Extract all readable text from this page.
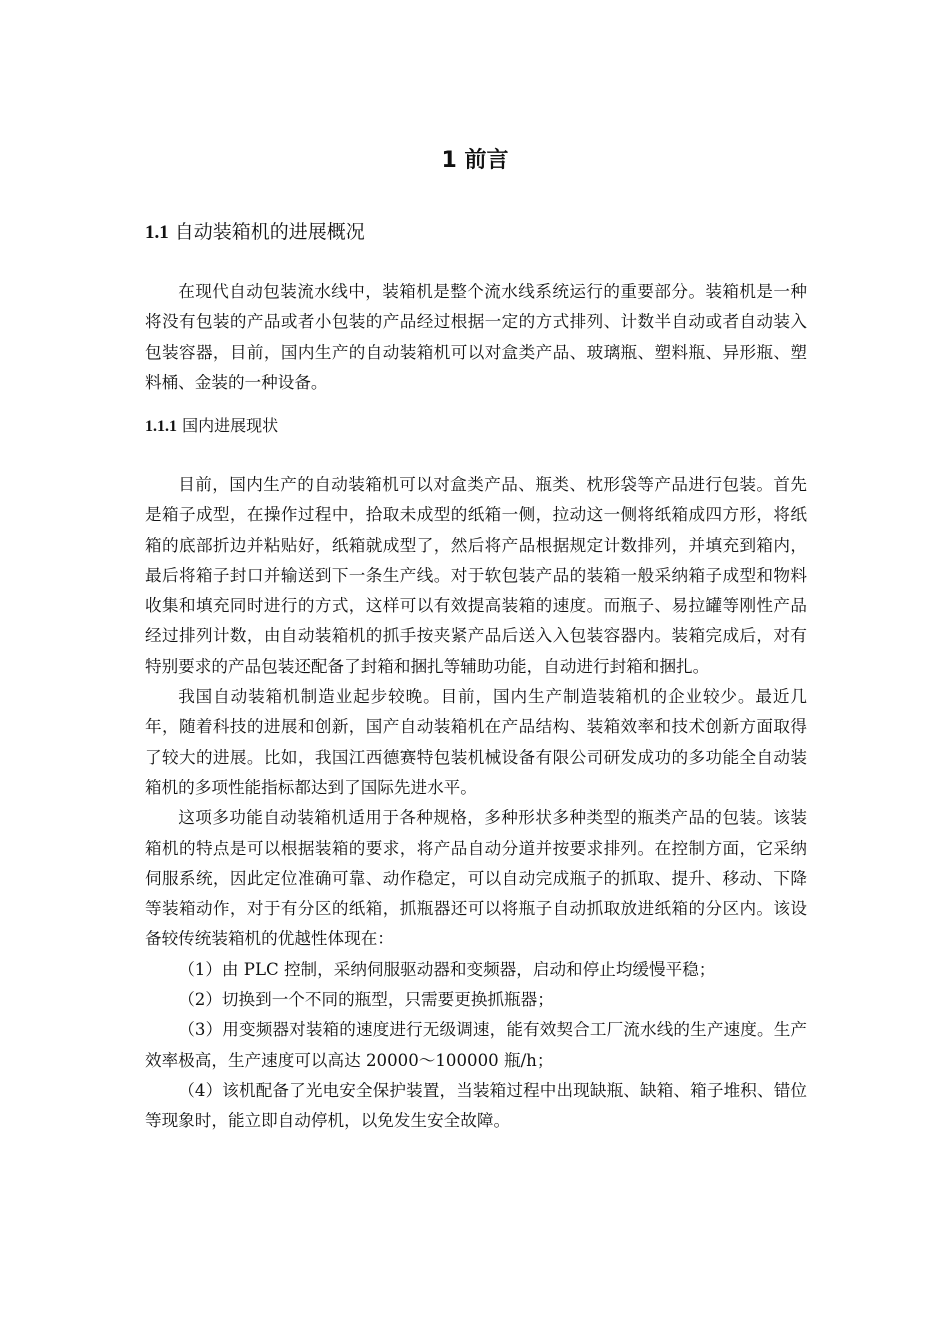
1 前言
1.1 自动装箱机的进展概况

在现代自动包装流水线中，装箱机是整个流水线系统运行的重要部分。装箱机是一种将没有包装的产品或者小包装的产品经过根据一定的方式排列、计数半自动或者自动装入包装容器，目前，国内生产的自动装箱机可以对盒类产品、玻璃瓶、塑料瓶、异形瓶、塑料桶、金装的一种设备。

1.1.1 国内进展现状

目前，国内生产的自动装箱机可以对盒类产品、瓶类、枕形袋等产品进行包装。首先是箱子成型，在操作过程中，拾取未成型的纸箱一侧，拉动这一侧将纸箱成四方形，将纸箱的底部折边并粘贴好，纸箱就成型了，然后将产品根据规定计数排列，并填充到箱内，最后将箱子封口并输送到下一条生产线。对于软包装产品的装箱一般采纳箱子成型和物料收集和填充同时进行的方式，这样可以有效提高装箱的速度。而瓶子、易拉罐等刚性产品经过排列计数，由自动装箱机的抓手按夹紧产品后送入入包装容器内。装箱完成后，对有特别要求的产品包装还配备了封箱和捆扎等辅助功能，自动进行封箱和捆扎。

我国自动装箱机制造业起步较晚。目前，国内生产制造装箱机的企业较少。最近几年，随着科技的进展和创新，国产自动装箱机在产品结构、装箱效率和技术创新方面取得了较大的进展。比如，我国江西德赛特包装机械设备有限公司研发成功的多功能全自动装箱机的多项性能指标都达到了国际先进水平。

这项多功能自动装箱机适用于各种规格，多种形状多种类型的瓶类产品的包装。该装箱机的特点是可以根据装箱的要求，将产品自动分道并按要求排列。在控制方面，它采纳伺服系统，因此定位准确可靠、动作稳定，可以自动完成瓶子的抓取、提升、移动、下降等装箱动作，对于有分区的纸箱，抓瓶器还可以将瓶子自动抓取放进纸箱的分区内。该设备较传统装箱机的优越性体现在：

（1）由 PLC 控制，采纳伺服驱动器和变频器，启动和停止均缓慢平稳；

（2）切换到一个不同的瓶型，只需要更换抓瓶器；

（3）用变频器对装箱的速度进行无级调速，能有效契合工厂流水线的生产速度。生产效率极高，生产速度可以高达 20000～100000 瓶/h；

（4）该机配备了光电安全保护装置，当装箱过程中出现缺瓶、缺箱、箱子堆积、错位等现象时，能立即自动停机，以免发生安全故障。
